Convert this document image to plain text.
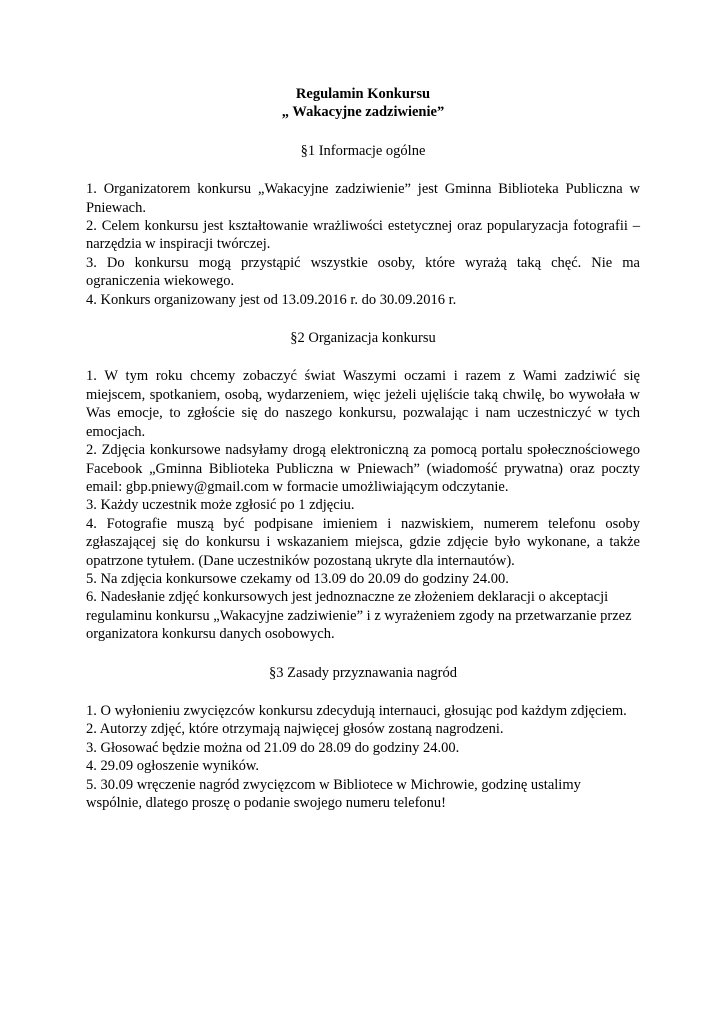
Regulamin Konkursu

„ Wakacyjne zadziwienie”

§1 Informacje ogólne

1. Organizatorem konkursu „Wakacyjne zadziwienie” jest Gminna Biblioteka Publiczna w Pniewach.

2. Celem konkursu jest kształtowanie wrażliwości estetycznej oraz popularyzacja fotografii – narzędzia w inspiracji twórczej.

3. Do konkursu mogą przystąpić wszystkie osoby, które wyrażą taką chęć. Nie ma ograniczenia wiekowego.

4. Konkurs organizowany jest od 13.09.2016 r. do 30.09.2016 r.

§2 Organizacja konkursu

1. W tym roku chcemy zobaczyć świat Waszymi oczami i razem z Wami zadziwić się miejscem, spotkaniem, osobą, wydarzeniem, więc jeżeli ujęliście taką chwilę, bo wywołała w Was emocje, to zgłoście się do naszego konkursu, pozwalając i nam uczestniczyć w tych emocjach.

2. Zdjęcia konkursowe nadsyłamy drogą elektroniczną za pomocą portalu społecznościowego Facebook „Gminna Biblioteka Publiczna w Pniewach” (wiadomość prywatna) oraz poczty email: gbp.pniewy@gmail.com w formacie umożliwiającym odczytanie.

3. Każdy uczestnik może zgłosić po 1 zdjęciu.

4. Fotografie muszą być podpisane imieniem i nazwiskiem, numerem telefonu osoby zgłaszającej się do konkursu i wskazaniem miejsca, gdzie zdjęcie było wykonane, a także opatrzone tytułem. (Dane uczestników pozostaną ukryte dla internautów).

5. Na zdjęcia konkursowe czekamy od 13.09 do 20.09 do godziny 24.00.

6. Nadesłanie zdjęć konkursowych jest jednoznaczne ze złożeniem deklaracji o akceptacji regulaminu konkursu „Wakacyjne zadziwienie” i z wyrażeniem zgody na przetwarzanie przez organizatora konkursu danych osobowych.

§3 Zasady przyznawania nagród

1. O wyłonieniu zwycięzców konkursu zdecydują internauci, głosując pod każdym zdjęciem.

2. Autorzy zdjęć, które otrzymają najwięcej głosów zostaną nagrodzeni.

3. Głosować będzie można od 21.09 do 28.09 do godziny 24.00.

4. 29.09 ogłoszenie wyników.

5. 30.09 wręczenie nagród zwycięzcom w Bibliotece w Michrowie, godzinę ustalimy wspólnie, dlatego proszę o podanie swojego numeru telefonu!
